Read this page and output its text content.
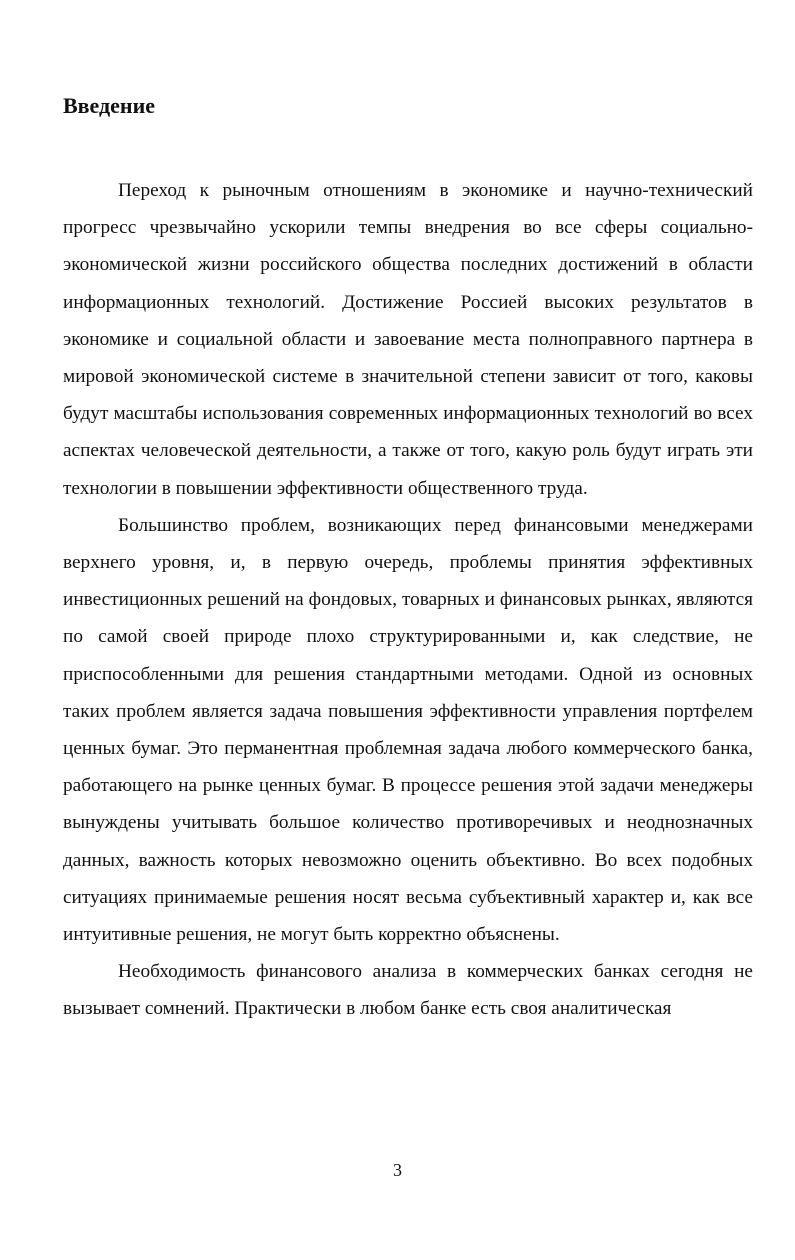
Введение

Переход к рыночным отношениям в экономике и научно-технический прогресс чрезвычайно ускорили темпы внедрения во все сферы социально-экономической жизни российского общества последних достижений в области информационных технологий. Достижение Россией высоких результатов в экономике и социальной области и завоевание места полноправного партнера в мировой экономической системе в значительной степени зависит от того, каковы будут масштабы использования современных информационных технологий во всех аспектах человеческой деятельности, а также от того, какую роль будут играть эти технологии в повышении эффективности общественного труда.

Большинство проблем, возникающих перед финансовыми менеджерами верхнего уровня, и, в первую очередь, проблемы принятия эффективных инвестиционных решений на фондовых, товарных и финансовых рынках, являются по самой своей природе плохо структурированными и, как следствие, не приспособленными для решения стандартными методами. Одной из основных таких проблем является задача повышения эффективности управления портфелем ценных бумаг. Это перманентная проблемная задача любого коммерческого банка, работающего на рынке ценных бумаг. В процессе решения этой задачи менеджеры вынуждены учитывать большое количество противоречивых и неоднозначных данных, важность которых невозможно оценить объективно. Во всех подобных ситуациях принимаемые решения носят весьма субъективный характер и, как все интуитивные решения, не могут быть корректно объяснены.

Необходимость финансового анализа в коммерческих банках сегодня не вызывает сомнений. Практически в любом банке есть своя аналитическая

3
